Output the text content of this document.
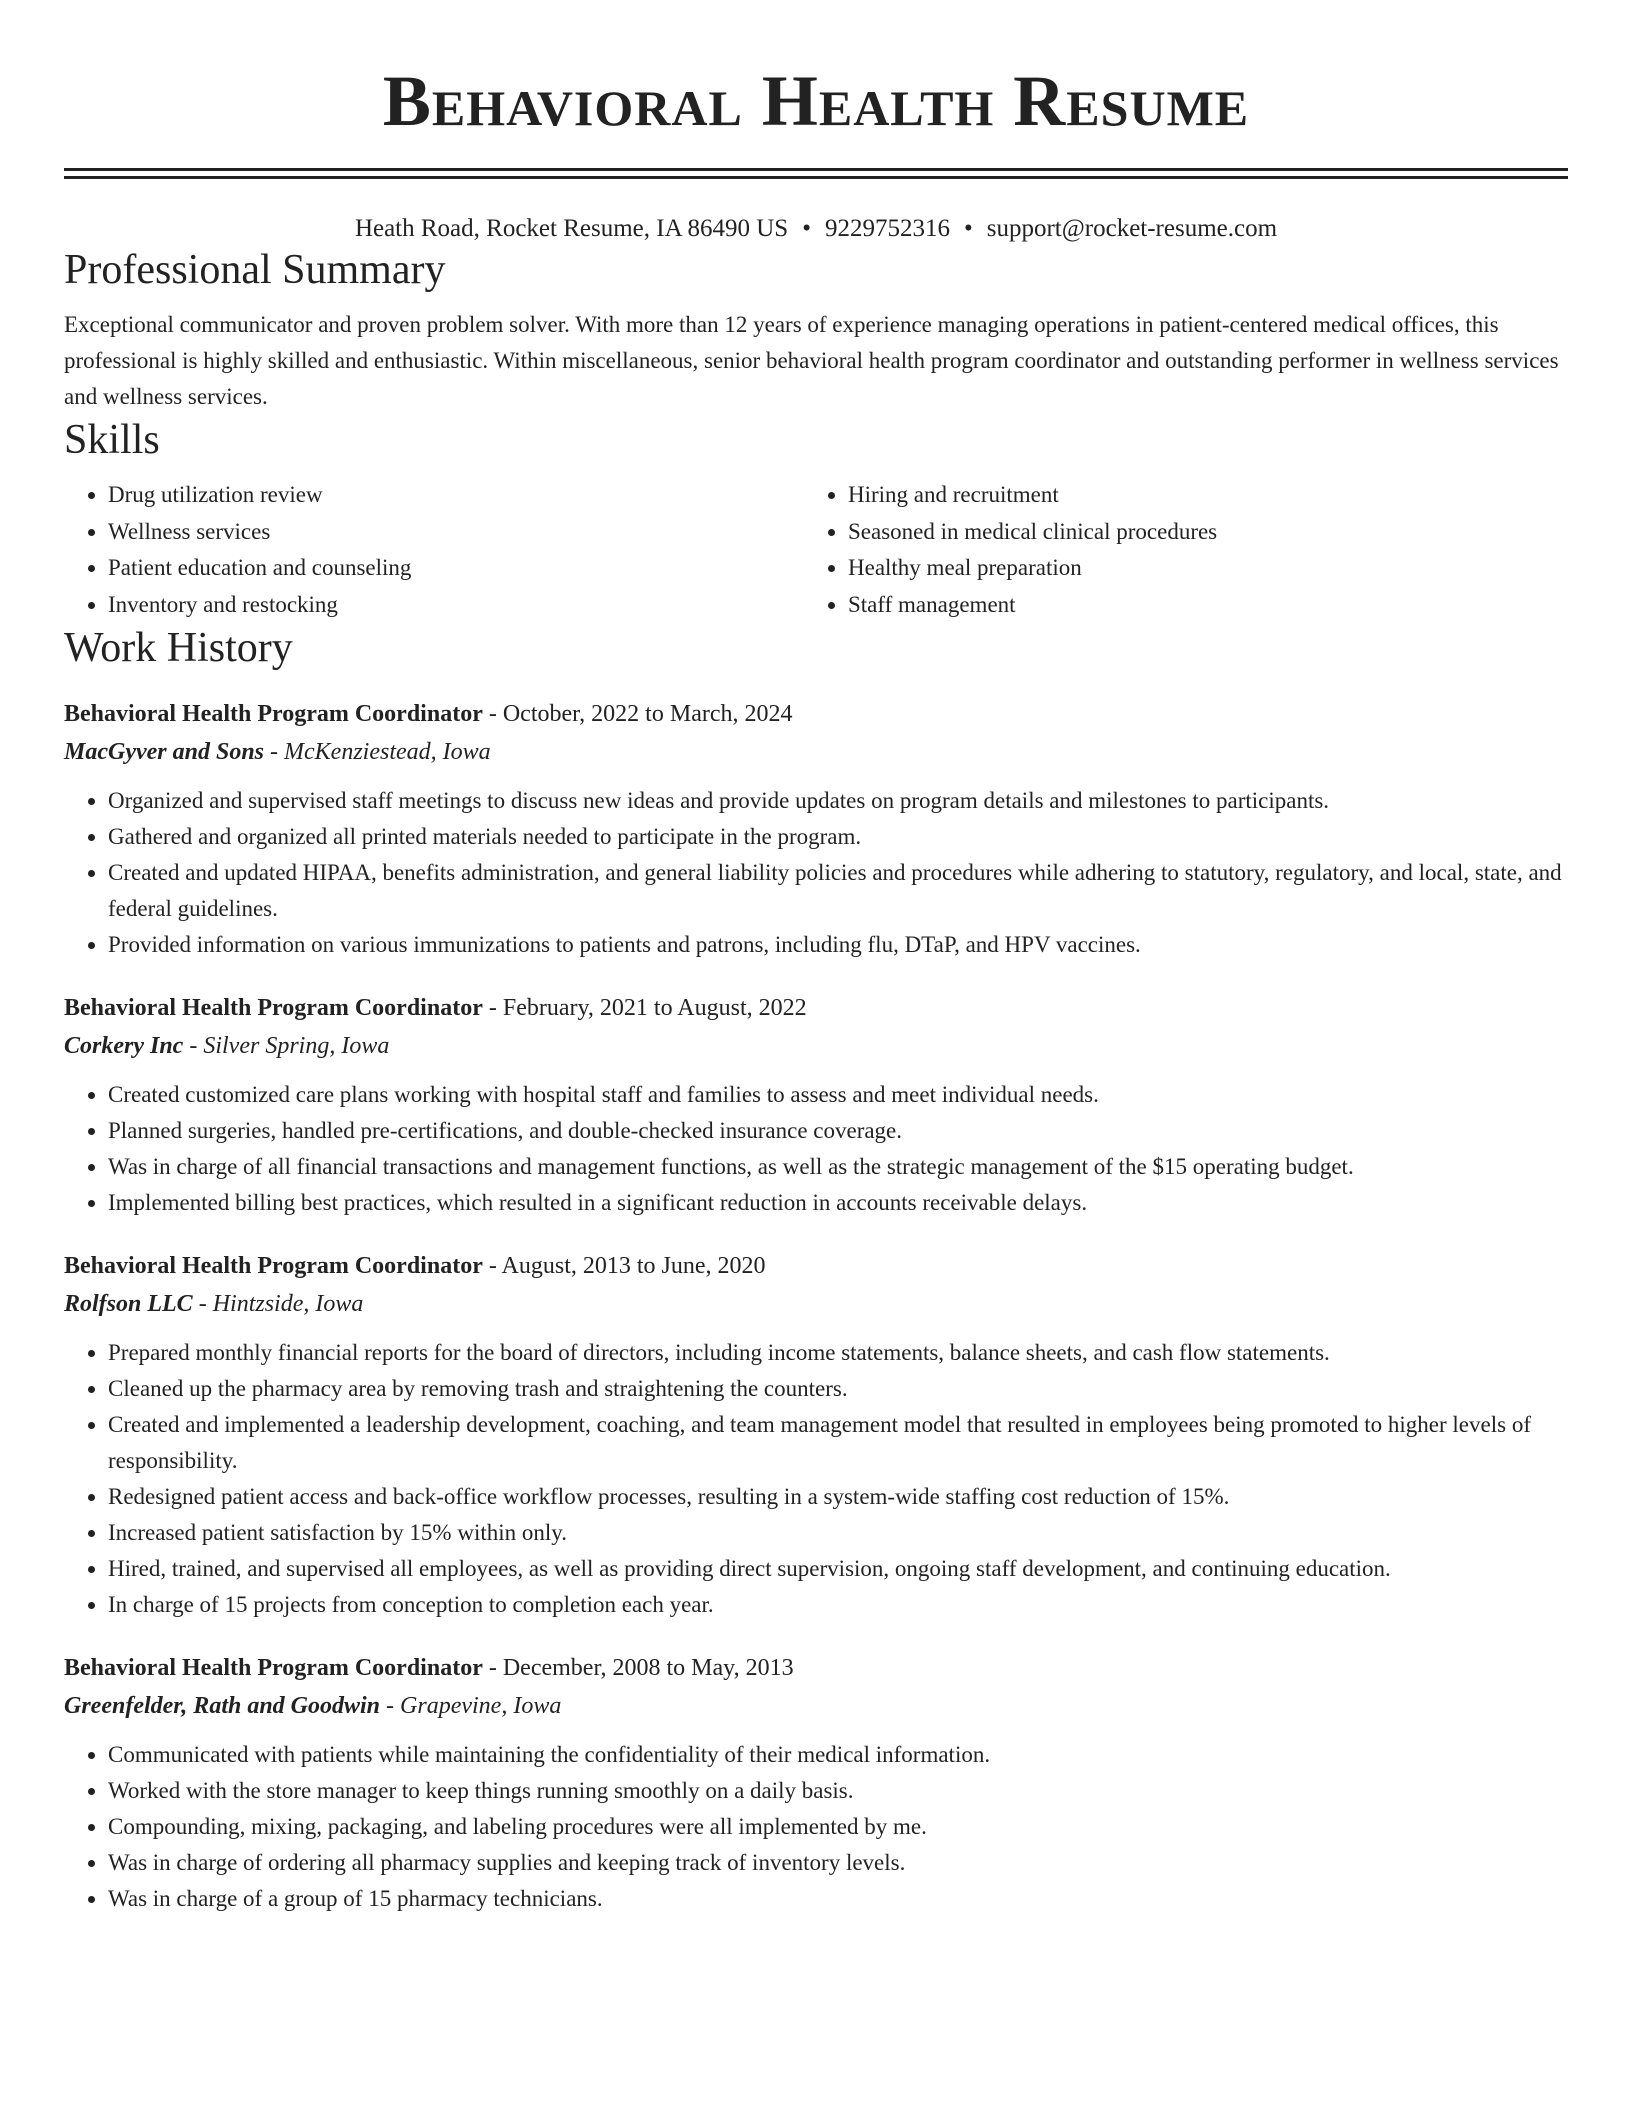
Behavioral Health Resume
Heath Road, Rocket Resume, IA 86490 US • 9229752316 • support@rocket-resume.com
Professional Summary

Exceptional communicator and proven problem solver. With more than 12 years of experience managing operations in patient-centered medical offices, this professional is highly skilled and enthusiastic. Within miscellaneous, senior behavioral health program coordinator and outstanding performer in wellness services and wellness services.

Skills
• Drug utilization review
• Wellness services
• Patient education and counseling
• Inventory and restocking
• Hiring and recruitment
• Seasoned in medical clinical procedures
• Healthy meal preparation
• Staff management
Work History
Behavioral Health Program Coordinator - October, 2022 to March, 2024
MacGyver and Sons - McKenziestead, Iowa
• Organized and supervised staff meetings to discuss new ideas and provide updates on program details and milestones to participants.
• Gathered and organized all printed materials needed to participate in the program.
• Created and updated HIPAA, benefits administration, and general liability policies and procedures while adhering to statutory, regulatory, and local, state, and federal guidelines.
• Provided information on various immunizations to patients and patrons, including flu, DTaP, and HPV vaccines.
Behavioral Health Program Coordinator - February, 2021 to August, 2022
Corkery Inc - Silver Spring, Iowa
• Created customized care plans working with hospital staff and families to assess and meet individual needs.
• Planned surgeries, handled pre-certifications, and double-checked insurance coverage.
• Was in charge of all financial transactions and management functions, as well as the strategic management of the $15 operating budget.
• Implemented billing best practices, which resulted in a significant reduction in accounts receivable delays.
Behavioral Health Program Coordinator - August, 2013 to June, 2020
Rolfson LLC - Hintzside, Iowa
• Prepared monthly financial reports for the board of directors, including income statements, balance sheets, and cash flow statements.
• Cleaned up the pharmacy area by removing trash and straightening the counters.
• Created and implemented a leadership development, coaching, and team management model that resulted in employees being promoted to higher levels of responsibility.
• Redesigned patient access and back-office workflow processes, resulting in a system-wide staffing cost reduction of 15%.
• Increased patient satisfaction by 15% within only.
• Hired, trained, and supervised all employees, as well as providing direct supervision, ongoing staff development, and continuing education.
• In charge of 15 projects from conception to completion each year.
Behavioral Health Program Coordinator - December, 2008 to May, 2013
Greenfelder, Rath and Goodwin - Grapevine, Iowa
• Communicated with patients while maintaining the confidentiality of their medical information.
• Worked with the store manager to keep things running smoothly on a daily basis.
• Compounding, mixing, packaging, and labeling procedures were all implemented by me.
• Was in charge of ordering all pharmacy supplies and keeping track of inventory levels.
• Was in charge of a group of 15 pharmacy technicians.
